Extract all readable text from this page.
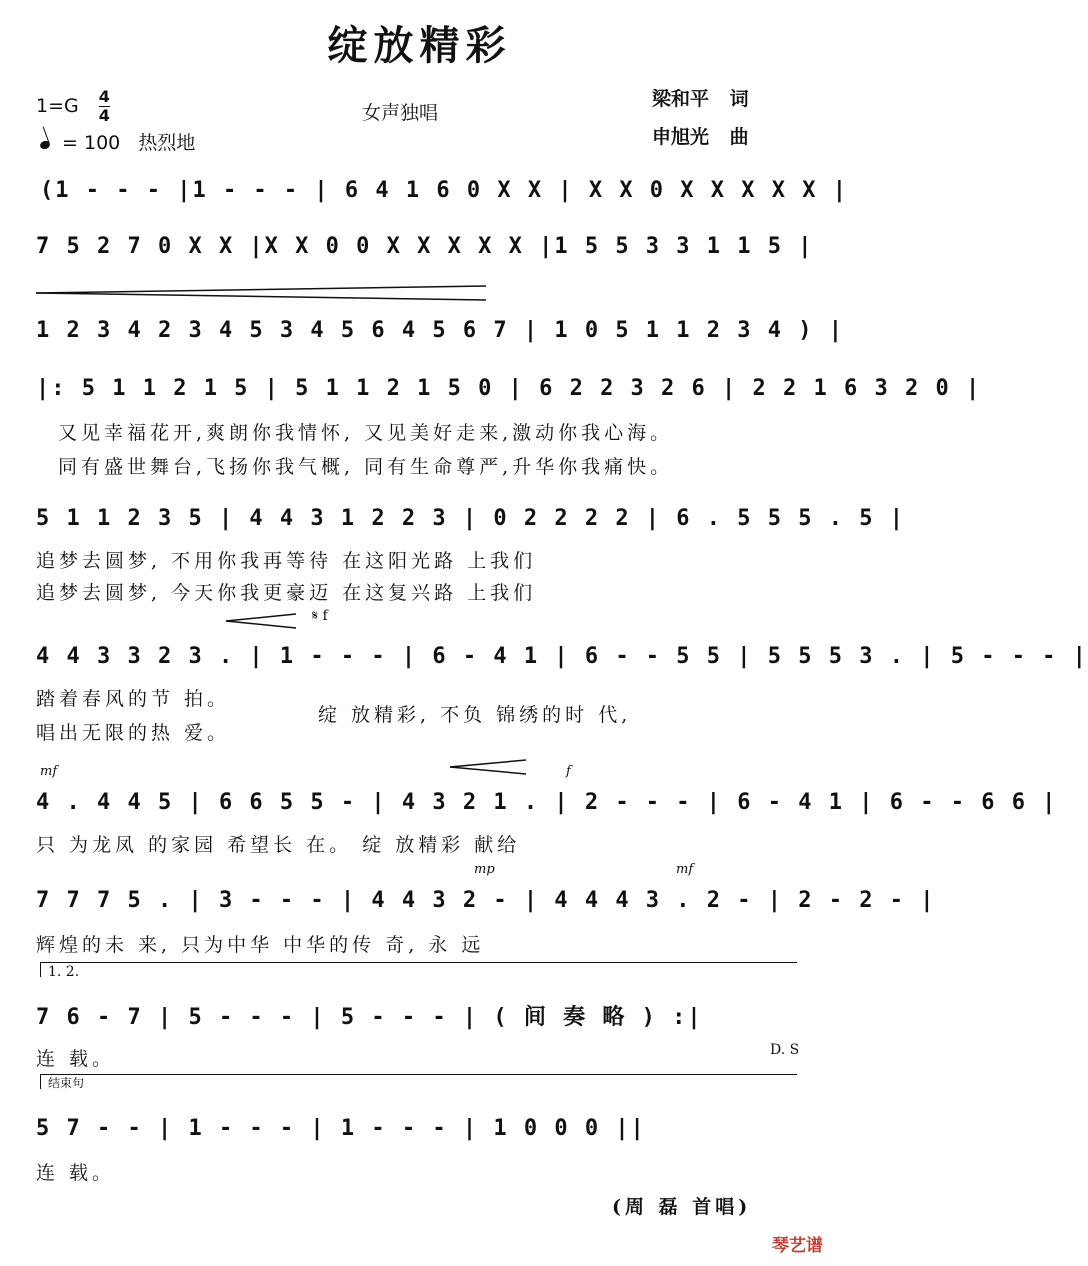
绽放精彩
$1=G \frac{4}{4}$
= 100 热烈地
女声独唱
梁和平 词
申旭光 曲
(1 - - - |1 - - - | 6 4 1 6 0 X X | X X 0 X X X X X |
7 5 2 7 0 X X |X X 0 0 X X X X X |1 5 5 3 3 1 1 5 |
1 2 3 4 2 3 4 5 3 4 5 6 4 5 6 7 | 1 0 5 1 1 2 3 4 ) |
|: 5 1 1 2 1 5 | 5 1 1 2 1 5 0 | 6 2 2 3 2 6 | 2 2 1 6 3 2 0 |
又见幸福花开,爽朗你我情怀, 又见美好走来,激动你我心海。
同有盛世舞台,飞扬你我气概, 同有生命尊严,升华你我痛快。
5 1 1 2 3 5 | 4 4 3 1 2 2 3 | 0 2 2 2 2 | 6 . 5 5 5 . 5 |
追梦去圆梦, 不用你我再等待 在这阳光路 上我们
追梦去圆梦, 今天你我更豪迈 在这复兴路 上我们
𝄋 f
4 4 3 3 2 3 . | 1 - - - | 6 - 4 1 | 6 - - 5 5 | 5 5 5 3 . | 5 - - - |
踏着春风的节 拍。
唱出无限的热 爱。
绽 放精彩, 不负 锦绣的时 代,
mf	f
4 . 4 4 5 | 6 6 5 5 - | 4 3 2 1 . | 2 - - - | 6 - 4 1 | 6 - - 6 6 |
只 为龙凤 的家园 希望长 在。 绽 放精彩 献给
mp	mf
7 7 7 5 . | 3 - - - | 4 4 3 2 - | 4 4 4 3 . 2 - | 2 - 2 - |
辉煌的未 来, 只为中华 中华的传 奇, 永 远
1. 2.
7 6 - 7 | 5 - - - | 5 - - - | ( 间 奏 略 ) :|
连 载。	D. S
结束句
5 7 - - | 1 - - - | 1 - - - | 1 0 0 0 ||
连 载。
(周 磊 首唱)
琴艺谱
